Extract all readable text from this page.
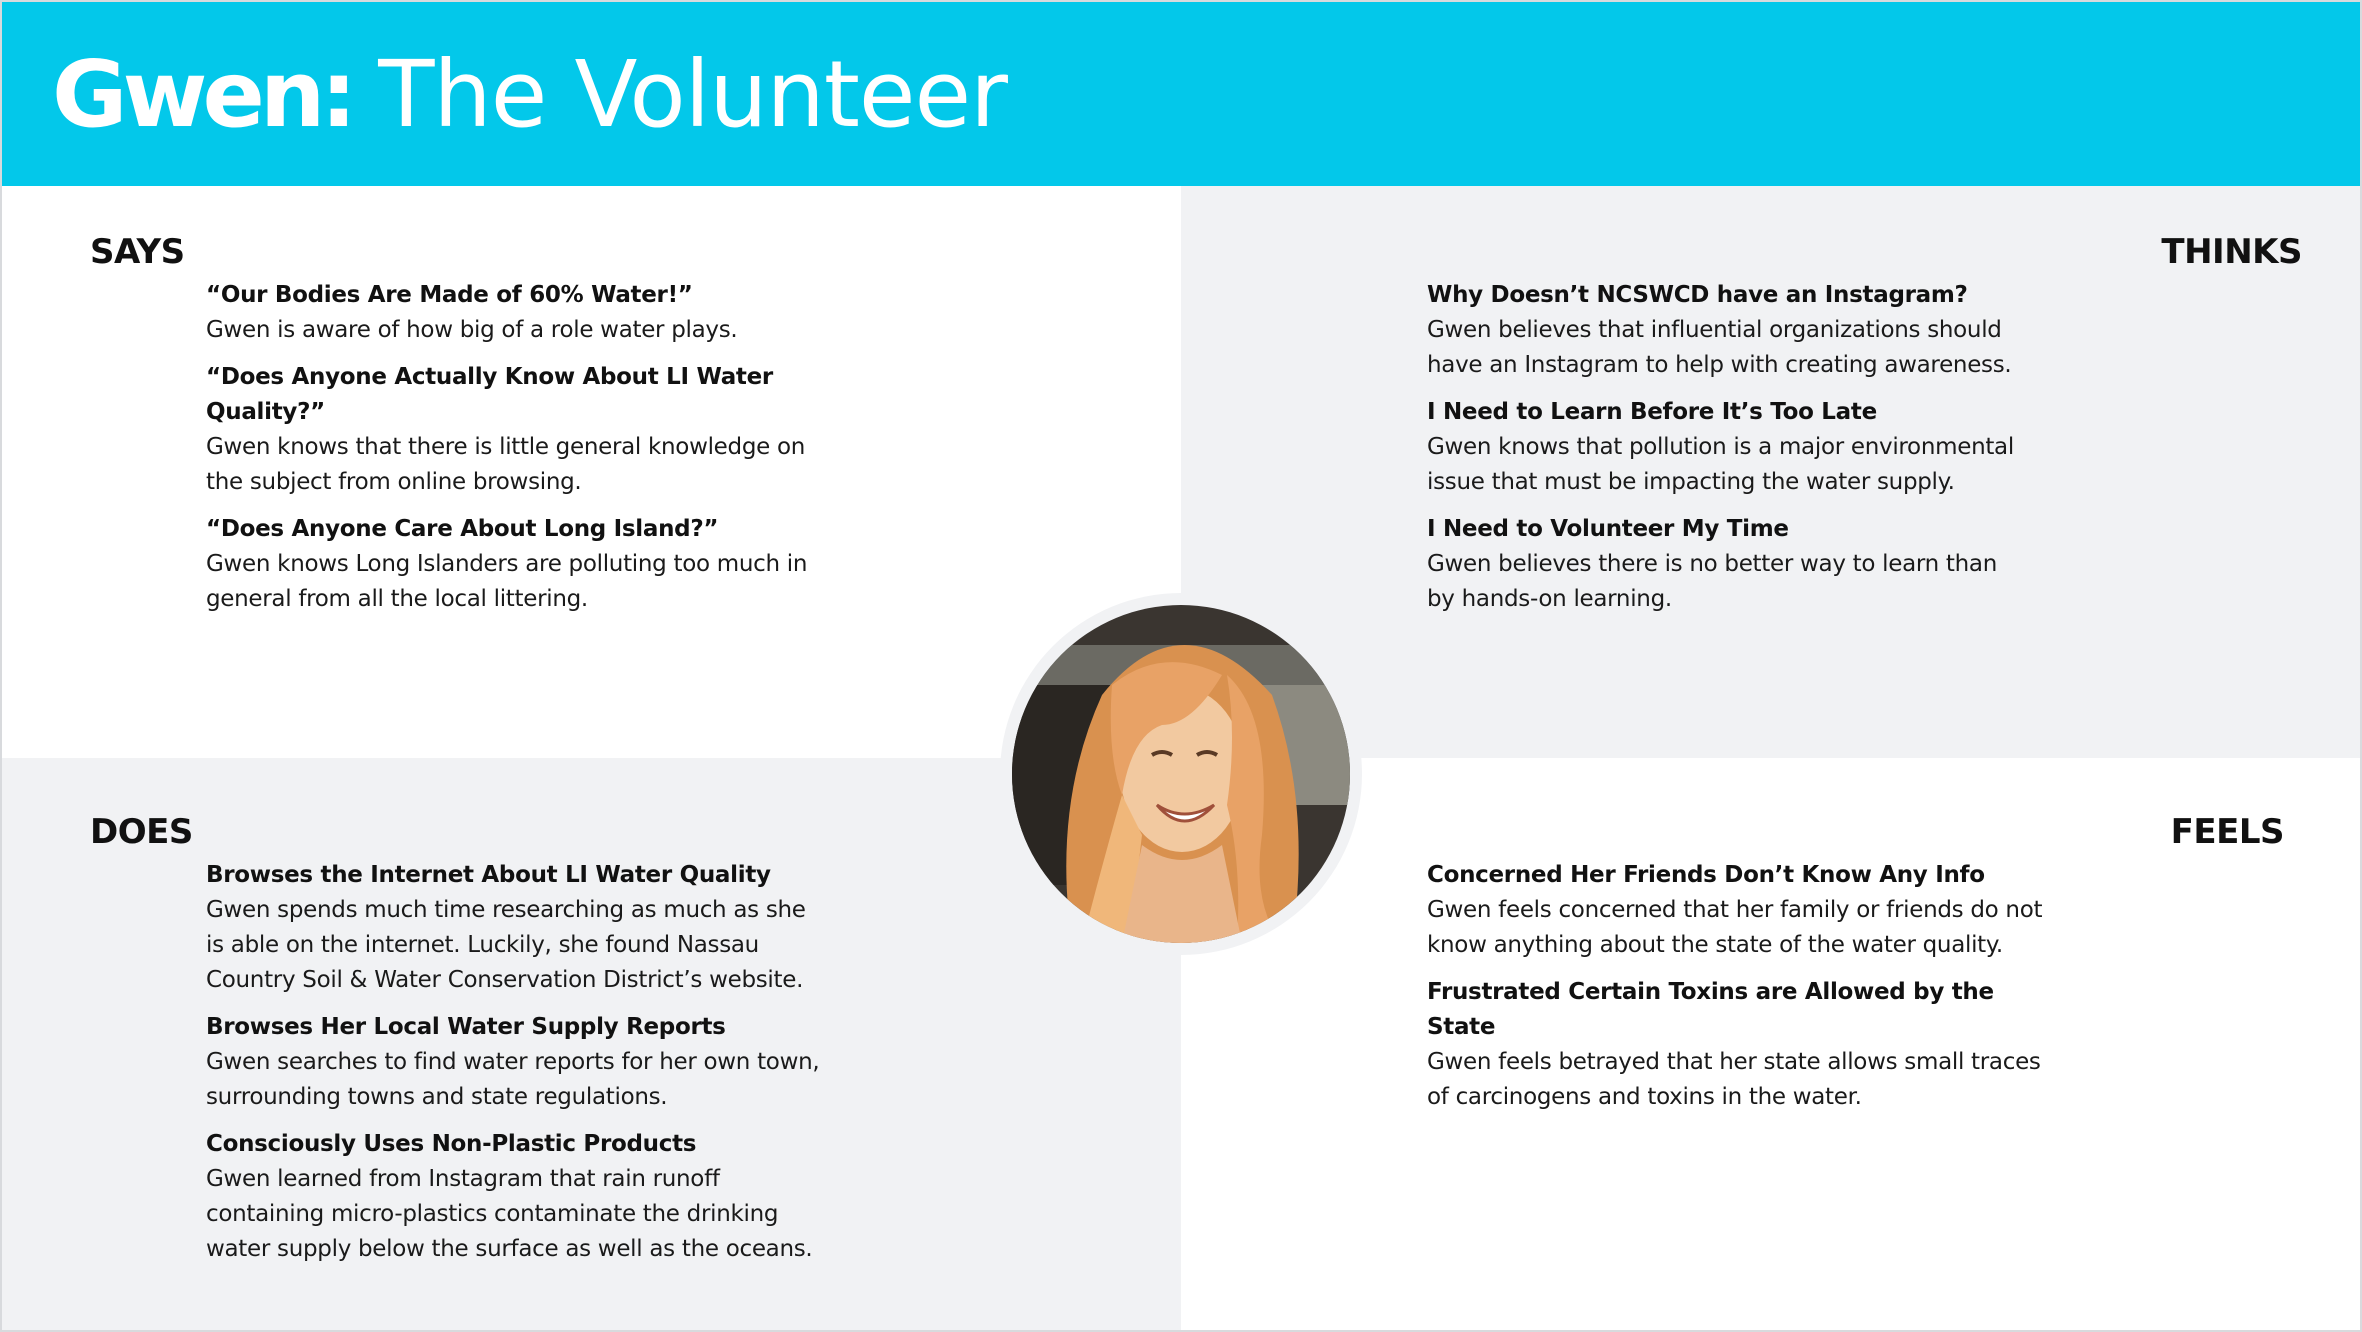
Gwen: The Volunteer
SAYS
“Our Bodies Are Made of 60% Water!”
Gwen is aware of how big of a role water plays.
“Does Anyone Actually Know About LI Water Quality?”
Gwen knows that there is little general knowledge on
the subject from online browsing.
“Does Anyone Care About Long Island?”
Gwen knows Long Islanders are polluting too much in
general from all the local littering.
THINKS
Why Doesn’t NCSWCD have an Instagram?
Gwen believes that influential organizations should
have an Instagram to help with creating awareness.
I Need to Learn Before It’s Too Late
Gwen knows that pollution is a major environmental
issue that must be impacting the water supply.
I Need to Volunteer My Time
Gwen believes there is no better way to learn than
by hands-on learning.
DOES
Browses the Internet About LI Water Quality
Gwen spends much time researching as much as she
is able on the internet. Luckily, she found Nassau
Country Soil & Water Conservation District’s website.
Browses Her Local Water Supply Reports
Gwen searches to find water reports for her own town,
surrounding towns and state regulations.
Consciously Uses Non-Plastic Products
Gwen learned from Instagram that rain runoff
containing micro-plastics contaminate the drinking
water supply below the surface as well as the oceans.
FEELS
Concerned Her Friends Don’t Know Any Info
Gwen feels concerned that her family or friends do not
know anything about the state of the water quality.
Frustrated Certain Toxins are Allowed by the State
Gwen feels betrayed that her state allows small traces
of carcinogens and toxins in the water.
